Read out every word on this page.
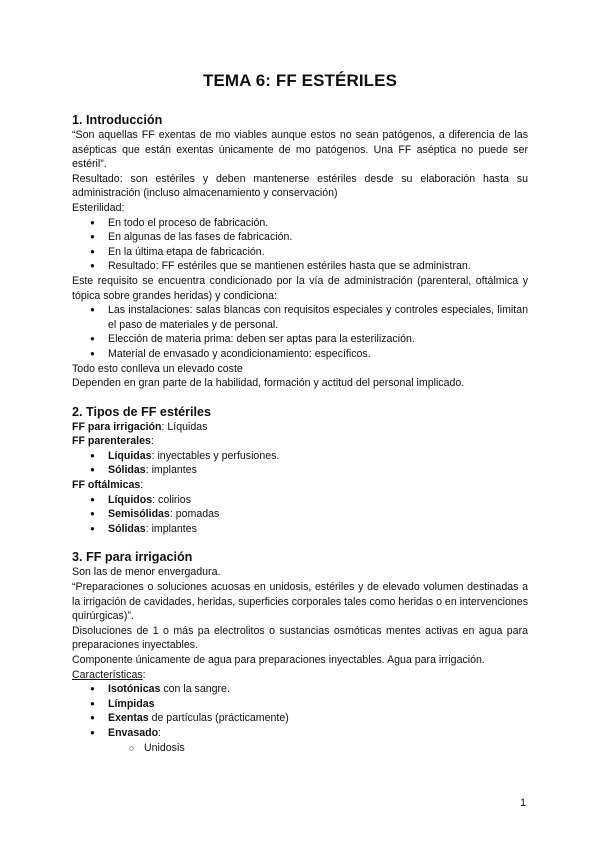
TEMA 6: FF ESTÉRILES
1. Introducción

“Son aquellas FF exentas de mo viables aunque estos no sean patógenos, a diferencia de las asépticas que están exentas únicamente de mo patógenos. Una FF aséptica no puede ser estéril”.

Resultado: son estériles y deben mantenerse estériles desde su elaboración hasta su administración (incluso almacenamiento y conservación)

Esterilidad:

● En todo el proceso de fabricación.
● En algunas de las fases de fabricación.
● En la última etapa de fabricación.
● Resultado: FF estériles que se mantienen estériles hasta que se administran.

Este requisito se encuentra condicionado por la vía de administración (parenteral, oftálmica y tópica sobre grandes heridas) y condiciona:

● Las instalaciones: salas blancas con requisitos especiales y controles especiales, limitan el paso de materiales y de personal.
● Elección de materia prima: deben ser aptas para la esterilización.
● Material de envasado y acondicionamiento: específicos.

Todo esto conlleva un elevado coste

Dependen en gran parte de la habilidad, formación y actitud del personal implicado.

2. Tipos de FF estériles

FF para irrigación: Líquidas

FF parenterales:

● Líquidas: inyectables y perfusiones.
● Sólidas: implantes

FF oftálmicas:

● Líquidos: colirios
● Semisólidas: pomadas
● Sólidas: implantes
3. FF para irrigación

Son las de menor envergadura.

“Preparaciones o soluciones acuosas en unidosis, estériles y de elevado volumen destinadas a la irrigación de cavidades, heridas, superficies corporales tales como heridas o en intervenciones quirúrgicas)”.

Disoluciones de 1 o más pa electrolitos o sustancias osmóticas mentes activas en agua para preparaciones inyectables.

Componente únicamente de agua para preparaciones inyectables. Agua para irrigación.

Características:

● Isotónicas con la sangre.
● Límpidas
● Exentas de partículas (prácticamente)
● Envasado:
○ Unidosis
1
